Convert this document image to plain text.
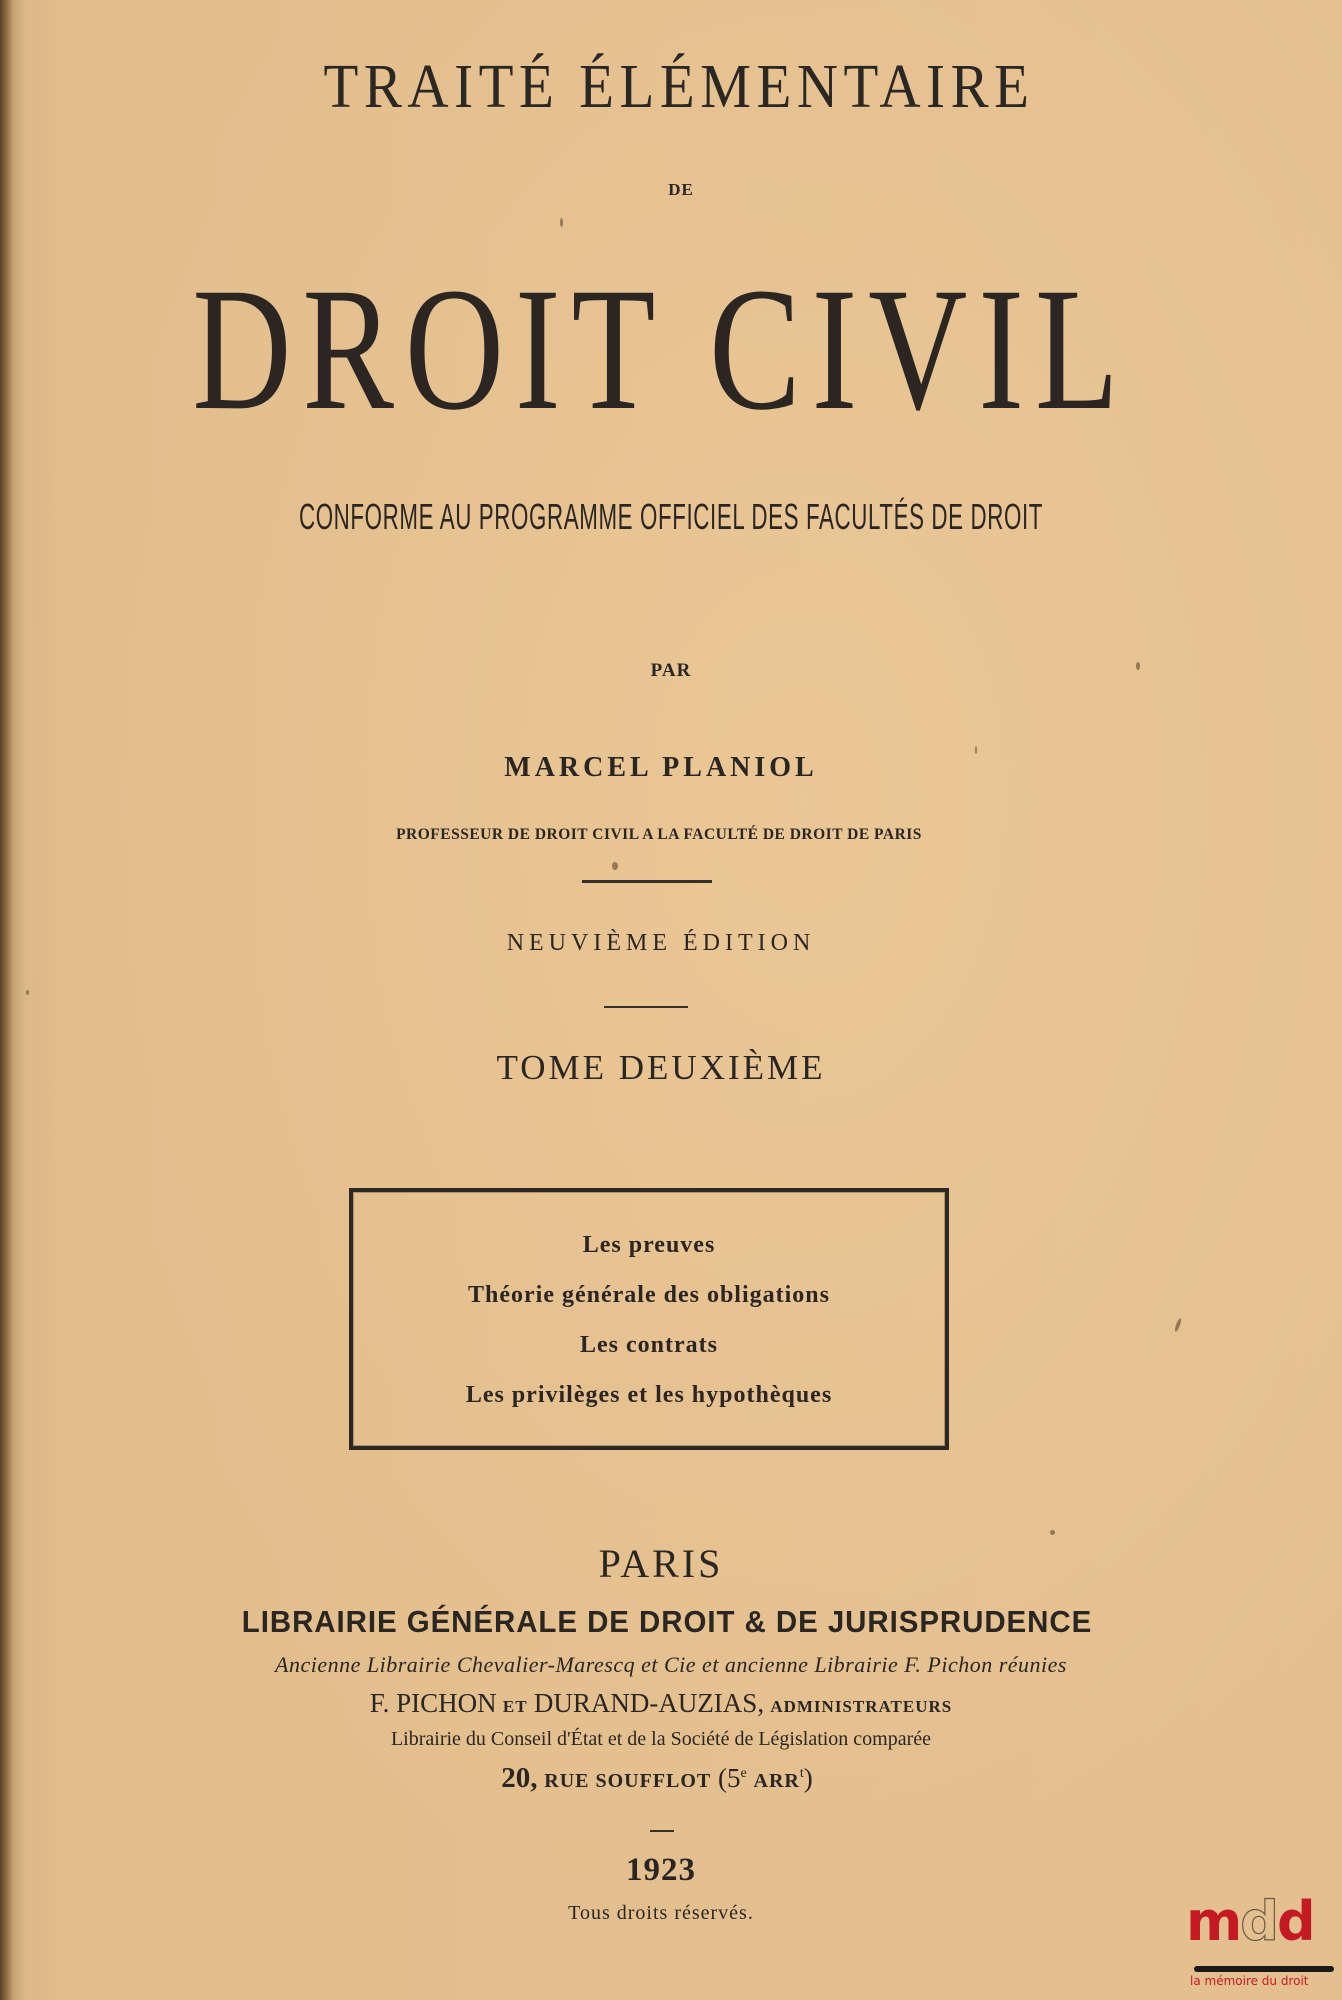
TRAITÉ ÉLÉMENTAIRE
DE
DROIT CIVIL
CONFORME AU PROGRAMME OFFICIEL DES FACULTÉS DE DROIT
PAR
MARCEL PLANIOL
PROFESSEUR DE DROIT CIVIL A LA FACULTÉ DE DROIT DE PARIS
NEUVIÈME ÉDITION
TOME DEUXIÈME
Les preuves
Théorie générale des obligations
Les contrats
Les privilèges et les hypothèques
PARIS
LIBRAIRIE GÉNÉRALE DE DROIT & DE JURISPRUDENCE
Ancienne Librairie Chevalier-Marescq et Cie et ancienne Librairie F. Pichon réunies
F. PICHON ET DURAND-AUZIAS, ADMINISTRATEURS
Librairie du Conseil d'État et de la Société de Législation comparée
20, RUE SOUFFLOT (5e ARR$^t$)
1923
Tous droits réservés.	mdd
la mémoire du droit
